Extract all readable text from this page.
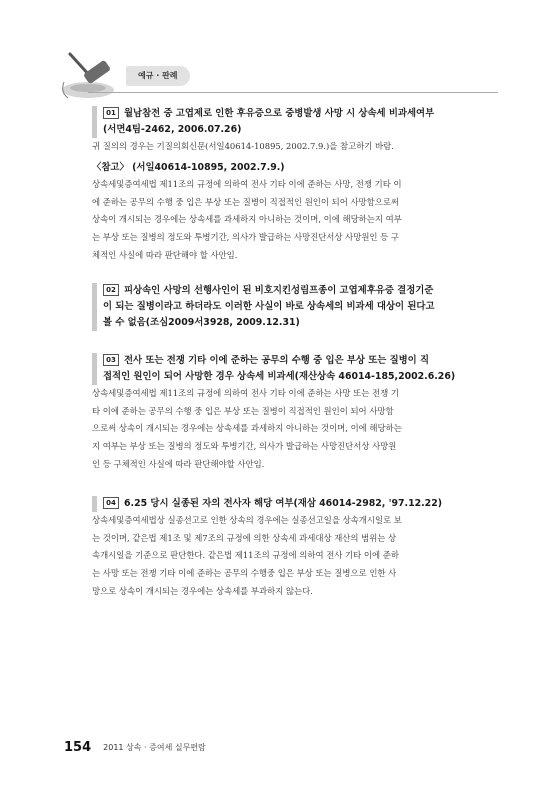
예규 · 판례
01 월남참전 중 고엽제로 인한 후유증으로 중병발생 사망 시 상속세 비과세여부
(서면4팀-2462, 2006.07.26)
귀 질의의 경우는 기질의회신문(서일40614-10895, 2002.7.9.)을 참고하기 바람.
〈참고〉 (서일40614-10895, 2002.7.9.)
상속세및증여세법 제11조의 규정에 의하여 전사 기타 이에 준하는 사망, 전쟁 기타 이
에 준하는 공무의 수행 중 입은 부상 또는 질병이 직접적인 원인이 되어 사망함으로써
상속이 개시되는 경우에는 상속세를 과세하지 아니하는 것이며, 이에 해당하는지 여부
는 부상 또는 질병의 정도와 투병기간, 의사가 발급하는 사망진단서상 사망원인 등 구
체적인 사실에 따라 판단해야 할 사안임.
02 피상속인 사망의 선행사인이 된 비호지킨성림프종이 고엽제후유증 결정기준
이 되는 질병이라고 하더라도 이러한 사실이 바로 상속세의 비과세 대상이 된다고
볼 수 없음(조심2009서3928, 2009.12.31)
03 전사 또는 전쟁 기타 이에 준하는 공무의 수행 중 입은 부상 또는 질병이 직
접적인 원인이 되어 사망한 경우 상속세 비과세(재산상속 46014-185,2002.6.26)
상속세및증여세법 제11조의 규정에 의하여 전사 기타 이에 준하는 사망 또는 전쟁 기
타 이에 준하는 공무의 수행 중 입은 부상 또는 질병이 직접적인 원인이 되어 사망함
으로써 상속이 개시되는 경우에는 상속세를 과세하지 아니하는 것이며, 이에 해당하는
지 여부는 부상 또는 질병의 정도와 투병기간, 의사가 발급하는 사망진단서상 사망원
인 등 구체적인 사실에 따라 판단해야할 사안임.
04 6.25 당시 실종된 자의 전사자 해당 여부(재삼 46014-2982, '97.12.22)
상속세및증여세법상 실종선고로 인한 상속의 경우에는 실종선고일을 상속개시일로 보
는 것이며, 같은법 제1조 및 제7조의 규정에 의한 상속세 과세대상 재산의 범위는 상
속개시일을 기준으로 판단한다. 같은법 제11조의 규정에 의하여 전사 기타 이에 준하
는 사망 또는 전쟁 기타 이에 준하는 공무의 수행중 입은 부상 또는 질병으로 인한 사
망으로 상속이 개시되는 경우에는 상속세를 부과하지 않는다.
154 2011 상속 · 증여세 실무편람
